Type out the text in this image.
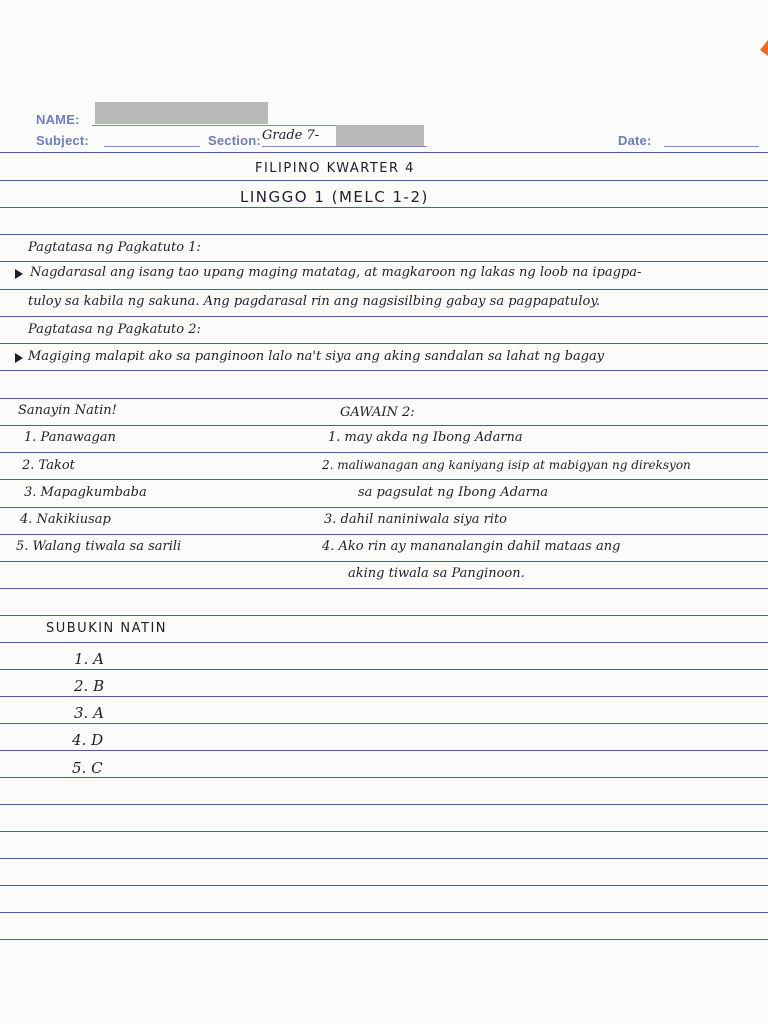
NAME:
Subject:	Section: Grade 7-	Date:
FILIPINO KWARTER 4
LINGGO 1 (MELC 1-2)
Pagtatasa ng Pagkatuto 1:
Nagdarasal ang isang tao upang maging matatag, at magkaroon ng lakas ng loob na ipagpa-
tuloy sa kabila ng sakuna. Ang pagdarasal rin ang nagsisilbing gabay sa pagpapatuloy.
Pagtatasa ng Pagkatuto 2:
Magiging malapit ako sa panginoon lalo na't siya ang aking sandalan sa lahat ng bagay
Sanayin Natin!
1. Panawagan
2. Takot
3. Mapagkumbaba
4. Nakikiusap
5. Walang tiwala sa sarili
GAWAIN 2:
1. may akda ng Ibong Adarna
2. maliwanagan ang kaniyang isip at mabigyan ng direksyon
sa pagsulat ng Ibong Adarna
3. dahil naniniwala siya rito
4. Ako rin ay mananalangin dahil mataas ang
aking tiwala sa Panginoon.
SUBUKIN NATIN
1. A
2. B
3. A
4. D
5. C
